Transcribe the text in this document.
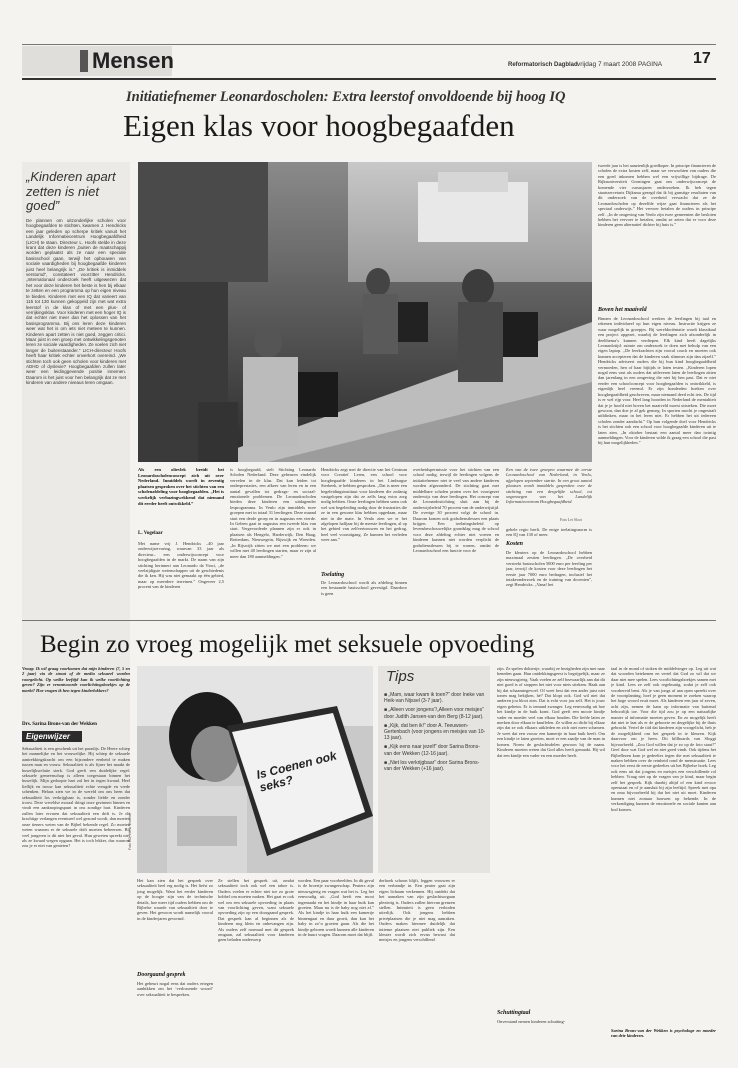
Mensen	Reformatorisch Dagblad vrijdag 7 maart 2008 PAGINA 17
Initiatiefnemer Leonardoscholen: Extra leerstof onvoldoende bij hoog IQ
Eigen klas voor hoogbegaafden
„Kinderen apart zetten is niet goed”
De plannen om uitzonderlijke scholen voor hoogbegaafden te stichten, kwamen J. Hendricks een jaar geleden op scherpe kritiek vanuit het Landelijk Informatiecentrum Hoogbegaafdheid (LICH) te staan. Directeur L. Hoofs stelde in deze krant dat deze kinderen „buiten de maatschappij worden geplaatst als ze naar een speciale basisschool gaan, terwijl het opbouwen van sociale vaardigheden bij hoogbegaafde kinderen juist heel belangrijk is.” „De kritiek is inmiddels verstomd”, constateert voorzitter Hendricks. „Internationaal onderzoek heeft uitgewezen dat het voor deze kinderen het beste is hen bij elkaar te zetten en een programma op hun eigen niveau te bieden. Kinderen met een IQ dat varieert van 115 tot 130 kunnen gekoppeld zijn met wat extra leerstof in de klas of met een plus- of verrijkingsklas. Voor kinderen met een hoger IQ is dat echter niet meer dan het oplossen van het basisprogramma. Bij ons leren deze kinderen weer wat het is om iets niet meteen te kunnen. Kinderen apart zetten is niet goed, zeggen critici. Maar juist in een groep met ontwikkelingsgenoten leren ze sociale vaardigheden. Ze voelen zich niet langer de buitenstaander.” LICH-directeur Hoofs heeft haar kritiek echter onverkort overeind. „We stichten toch ook geen scholen voor kinderen met ADHD of dyslexie? Hoogbegaafden zullen later weer een leidinggevende positie innemen. Daarom is het juist voor hen belangrijk dat ze met kinderen van andere niveaus leren omgaan.
Als een olievlek breidt het Leonardoscholenconcept zich uit over Nederland. Inmiddels wordt in zeventig plaatsen gesproken over het stichten van een scholenafdeling voor hoogbegaafden. „Het is werkelijk verbazingwekkend dat niemand dit eerder heeft ontwikkeld.”
L. Vogelaar
Met name vrij J. Hendricks –40 jaar onderwijservaring, waarvan 33 jaar als directeur– een onderwijsconcept voor hoogbegaafden in de markt. De naam van zijn stichting herinnert aan Leonardo da Vinci, „de veelzijdigste wetenschapper uit de geschiedenis die ik ken. Hij was niet gemaakt op één gebied, maar op meerdere terreinen.” Ongeveer 2,5 procent van de kinderen
is hoogbegaafd, stelt Stichting Leonardo Scholen Nederland. Deze gebeuren eindelijk vervelen in de klas. Dat kan leiden tot onderprestaties, een afkeer van leren en in een aantal gevallen tot gedrags- en sociaal-emotionele problemen. De Leonardoscholen bieden deze kinderen een uitdagender lesprogramma. In Venlo zijn inmiddels twee groepen met in totaal 31 leerlingen. Deze maand start een derde groep en in augustus een vierde. In Geleen gaat in augustus een tweede klas van start. Vergevorderde plannen zijn er ook in plaatsen als Hengelo, Harderwijk, Den Haag, Rotterdam, Nieuwegein, Rijswijk en Woerden. „In Rijswijk zitten we met een probleem: we willen met 40 leerlingen starten, maar er zijn al meer dan 180 aanmeldingen.”
Hendricks zegt met de directie van het Centrum voor Creatief Leren, een school voor hoogbegaafde kinderen in het Limburgse Sterbeek, te hebben gesproken. „Dat is meer een begeleidingsinstituut voor kinderen die zodanig vastgelopen zijn dat ze zelfs lang extra zorg nodig hebben. Onze leerlingen hebben soms ook wel wat begeleiding nodig door de frustraties die ze in een gewone klas hebben opgedaan, maar niet in die mate. In Venlo zien we er het afgelopen halfjaar bij de meeste leerlingen, al op het gebied van zelfvertrouwen en het gedrag, heel veel vooruitgang. Ze kunnen het verleden weer aan.”
Toelating
De Leonardoschool wordt als afdeling binnen een bestaande basisschool gevestigd. Daardoor is geen
overheidspermissie voor het stichten van een school nodig, terwijl de leerlingen volgens de initiatiefnemer niet te veel van andere kinderen worden afgezonderd. De stichting gaat met middelbare scholen praten over het voortgezet onderwijs van deze leerlingen. Het concept van de Leonardostichting sluit aan bij de onderwijsbeleid 70 procent van de onderwijstijd. De overige 30 procent volgt de school in. Daarom komen ook godsdienstlessen een plaats krijgen. Een toelatingsbeleid op levensbeschouwelijke grondslag mag de school voor deze afdeling echter niet voeren en kinderen kunnen niet worden verplicht de godsdienstlessen bij te wonen, omdat de Leonardoschool een functie voor de
Een van de twee groepen waarmee de eerste Leonardoschool van Nederland, in Venlo, afgelopen september startte. In een groot aantal plaatsen wordt inmiddels gesproken over de stichting van een dergelijke school, tot ongenoegen van het Landelijk Informatiecentrum Hoogbegaafdheid.
Foto Lei Sloot
gehele regio heeft. De enige toelatingsnorm is een IQ van 130 of meer.
Kosten
De kleuters op de Leonardoschool hebben maximaal zestien leerlingen. „De overheid verstrekt basisscholen 5000 euro per leerling per jaar, terwijl de kosten voor deze leerlingen het eerste jaar 7000 euro bedragen, inclusief het intakeonderzoek en de training van docenten”, zegt Hendricks. „Vanaf het
tweede jaar is het aanzienlijk goedkoper. In principe financieren de scholen de extra kosten zelf, maar we verwachten van ouders die een goed inkomen hebben wel een vrijwillige bijdrage. De Rijksuniversiteit Groningen gaat ons onderwijsconcept de komende vier cursusjaren onderzoeken. Ik heb tegen staatssecretaris Dijksma gezegd dat ik bij gunstige resultaten van dit onderzoek van de overheid verwacht dat ze de Leonardoscholen op dezelfde wijze gaat financieren als het speciaal onderwijs.” Het vervoer betalen de ouders in principe zelf. „In de omgeving van Venlo zijn twee gemeenten die besloten hebben het vervoer te betalen, omdat ze zeien dat er voor deze kinderen geen alternatief dichter bij huis is.”
Boven het maaiveld
Binnen de Leonardoschool werken de leerlingen bij taal en rekenen individueel op hun eigen niveau. Instructie krijgen ze waar mogelijk in groepjes. Bij wereldoriëntatie wordt klassikaal een project opgezet, waarbij de leerlingen zich afzonderlijk in deelthema’s kunnen verdiepen. Elk kind heeft dagelijks Leonardotijd: ruimte om onderzoek te doen met behulp van een eigen laptop. „De leerkrachten zijn vooral coach en moeten ook kunnen accepteren dat de kinderen vaak slimmer zijn dan zijzelf.” Hendricks adviseert ouders die bij hun kind hoogbegaafdheid vermoeden, hen of haar bijtijds te laten testen. „Kinderen lopen nogal eens vast als ouders dat uitleveren laten de leerlingen zitten dan jarenlang in een omgeving die niet bij hen past. Dat er niet eerder een schoolconcept voor hoogbegaafden is ontwikkeld, is eigenlijk heel vreemd. Er zijn honderden boeken over hoogbegaafdheid geschreven, maar niemand deed echt iets. De tijd is er wel rijp voor. Heel lang hoorden in Nederland de mentaliteit dat je je hoofd niet boven het maaiveld moest uitsteken. Die moet gewoon, dan doe je al gek genoeg. In sporten mocht je ongestraft uitblinken, maar in het leren niet. Er hebben het uit iedereen scholen zonder aandacht.” Op hun volgende doel voor Hendricks is het stichten ook een school voor hoogbegaafde kinderen uit te laten zien. „In oktober bestaat een aantal meer dan twintig aanmeldingen. Voor de kinderen wilde ik graag een school die past bij hun mogelijkheden.”
Begin zo vroeg mogelijk met seksuele opvoeding
Vraag: Ik wil graag voorkomen dat mijn kinderen (7, 5 en 2 jaar) via de straat of de media seksueel worden voorgelicht. Op welke leeftijd kan ik welke voorlichting geven? Zijn er verantwoorde voorlichtingsboekjes op de markt? Hoe vragen ik hen tegen kinderlokkers?
Drs. Sarina Brons-van der Wekken
Eigenwijzer
Seksualiteit is een geschenk uit het paradijs. De Heere schiep het mannelijke en het vrouwelijke. Hij schiep de seksuele aantrekkingskracht om een bijzondere eenheid te maken tussen man en vrouw. Seksualiteit is als fijner het maakt de huwelijksrelatie sterk. God geeft een duidelijke regel: seksuele gemeenschap is alleen toegestaan binnen het huwelijk. Mijn gedoopte hart zal het in tegen kwaad. Heel lieflijk en trouw kan seksualiteit echte vreugde en vrede schenken. Helaas zien we in de wereld om ons heen dat seksualiteit los verkrijgbaar is, zonder liefde en zonder trouw. Deze wereldse moraal dringt onze gezinnen binnen en vindt een aanknopingspunt in ons zondige hart. Kinderen zullen later ervaren dat seksualiteit een drift is. Je dit krachtige verlangen eventueel wel gezond wordt, dan moeten onze tieners weten van de Bijbel bekende regel. Zo moeten weten waarom er de seksuele drift moeten beheersen. Bij veel jongeren is dit niet het geval. Hun geweten spreekt niet als ze kwaad wegen opgaan. Het is toch lekker, dus waarom zou je er niet van genieten?
Is Coenen ook seks?
Foto RD, Henk Visscher
Tips
■ „Mam, waar kwam ik toen?” door Ineke van Heik-van Nijssel (3-7 jaar).
■ „Alleen voor jongens”/„Alleen voor meisjes” door Judith Jansen-van den Berg (8-12 jaar).
■ „Kijk, dat ben ik!” door A. Teeuwsen-Gertenbach (voor jongens en meisjes van 10-13 jaar).
■ „Kijk eens naar jezelf” door Sarina Brons-van der Wekken (12-16 jaar).
■ „Niet los verkrijgbaar” door Sarina Brons-van der Wekken (+16 jaar).
Het kan zien dat het gesprek over seksualiteit heel erg nodig is. Het liefst zo jong mogelijk. Want het eerder kinderen op de hoogte zijn van de technische details, hoe meer tijd ouders hebben om de Bijbelse waarde van seksualiteit door te geven. Het gewoon wordt namelijk vooral in de kinderjaren gevormd.
Doorgaand gesprek
Het gebeurt nogal eens dat ouders ertegen aanhikken om het ‘verlossende woord’ over seksualiteit te bespreken.
Ze stellen het gesprek uit, omdat seksualiteit toch ook wel een taboe is. Ouders voelen er echter niet toe zo grote hobbel om moeten maken. Het gaat er ook wel om een seksuele opvoeding in plaats van voorlichting geven, want seksuele opvoeding zijn op een doorgaand gesprek. Dat gesprek kan al beginnen als de kinderen nog klein en onbevangen zijn. Als ouders zelf normaal met dit gesprek omgaan, zal seksualiteit voor kinderen geen beladen onderwerp
worden. Een paar voorbeelden. In dit geval is de broertje zwangerschap. Peuters zijn nieuwsgierig en vragen wat het is. Leg het eenvoudig uit. „God heeft een mooi ingemaakt en het kindje in haar buik kan groeien. Maar nu is de baby nog niet af.” Als het kindje in haar buik een kamertje binnengaat en daar groeit, dan kan het baby in zo’n groeien gaan. Als die het kindje geboren wordt kunnen alle kinderen in de buurt vragen. Daarom moet dat blijft.
derhoek schoon blijft, leggen vrouwen er een verbandje in. Een peuter gaat zijn eigen lichaam verkennen. Hij ontdekt dat het aanraken van zijn geslachtsorgaan plezierig is. Ouders zullen hiervan grenzen stellen. Intimiteit is geen verboden uiterlijk. Ook jongens hebben privéplaatsen die je niet mag aanraken. Ouders maken hiermee duidelijk dat intieme plaatsen niet publiek zijn. Een kleuter wordt zich ervan bewust dat meisjes en jongens verschillend
zijn. Ze spelen doktertje, waarbij ze bezigheden zijn met naar beneden gaan. Hun ontdekkingsgeest is begrijpelijk, maar ze zijn nieuwsgierig. Vaak voelen ze zelf bezwaarlijk aan dat dit niet goed is of stoppen het niet voor niets stiekem. Haak aan bij dat schaamtegevoel. Of weet best dat een ander juist niet tonen mag bekijken, hé? Dat klopt ook. God wil niet dat anderen jou bloot zien. Dat is echt voor jou zelf. Het is jouw eigen geheim. Er is iemand zwanger. Leg eenvoudig uit hoe het kindje in de buik komt. God geeft een mooie kindje vader en moeder veel van elkaar houden. Die liefde laten ze merken door elkaar te knuffelen. Ze willen zo dicht bij elkaar zijn dat ze ook elkaars uitkleden en zich niet meer schamen. Je weet dat een vrouw een kamertje in haar buik heeft. Om een kindje te laten groeien, moet er een zaadje van de man in komen. Noem de geslachtsdelen gewoon bij de naam. Kinderen moeten weten dat God alles heeft gemaakt. Hij wil dat een kindje een vader en een moeder heeft.
Schuttingtaal
Onverstand nemen kinderen schutting-
taal in de mond of stoken de middelvinger op. Leg uit wat dat woorden betekenen en vertel dat God zo wil dat we daar niet mee spelen. Lees voorlichtingsboekjes samen met je kind. Lees ze zelf ook regelmatig, zodat je zelf ook voorbereid bent. Als je van jongs af aan open spreekt over de voortplanting, hoef je geen moment te zoeken waarop het hoge woord eruit moet. Als kinderen een jaar of zeven, acht zijn, nemen de kans op informatie van buitenaf behoorlijk toe. Voor die tijd zou je op een natuurlijke manier al informatie moeten geven. En zo mogelijk heeft dat niet te laat als er de geboorte en dergelijke bij de thuis gebracht. Vertel de tiid dat kinderen zijn voorgelicht, heb je de mogelijkheid om het gesprek in te kleuren. Kijk daarvoor om je heen. Dit billboards van Sloggi bijvoorbeeld. „Zou God willen dat je zo op de foto staat?” Geef door wat God wel en niet goed vindt. Ook tijdens het Bijbellezen kom je gedeeltes tegen die met seksualiteit te maken hebben over de reinheid rond de menstruatie. Lees voor het eerst de eerste gedeeltes uit het Bijbelse boek. Leg ook eens uit dat jongens en meisjes een verschillende rol hebben. Vraag niet op de vragen van je kind, maar begin zelf het gesprek. Kijk daarbij altijd of een kind ervoor openstaat en of je aansluit bij zijn leeftijd. Spreek met opa en oma bijvoorbeeld bij dat het niet uit moet. Kinderen kunnen niet zomaar bouwen op bekende. In de verkondiging kunnen de emotionele en sociale kanten aan bod komen.
Sarina Brons-van der Wekken is psychologe en moeder van drie kinderen.
